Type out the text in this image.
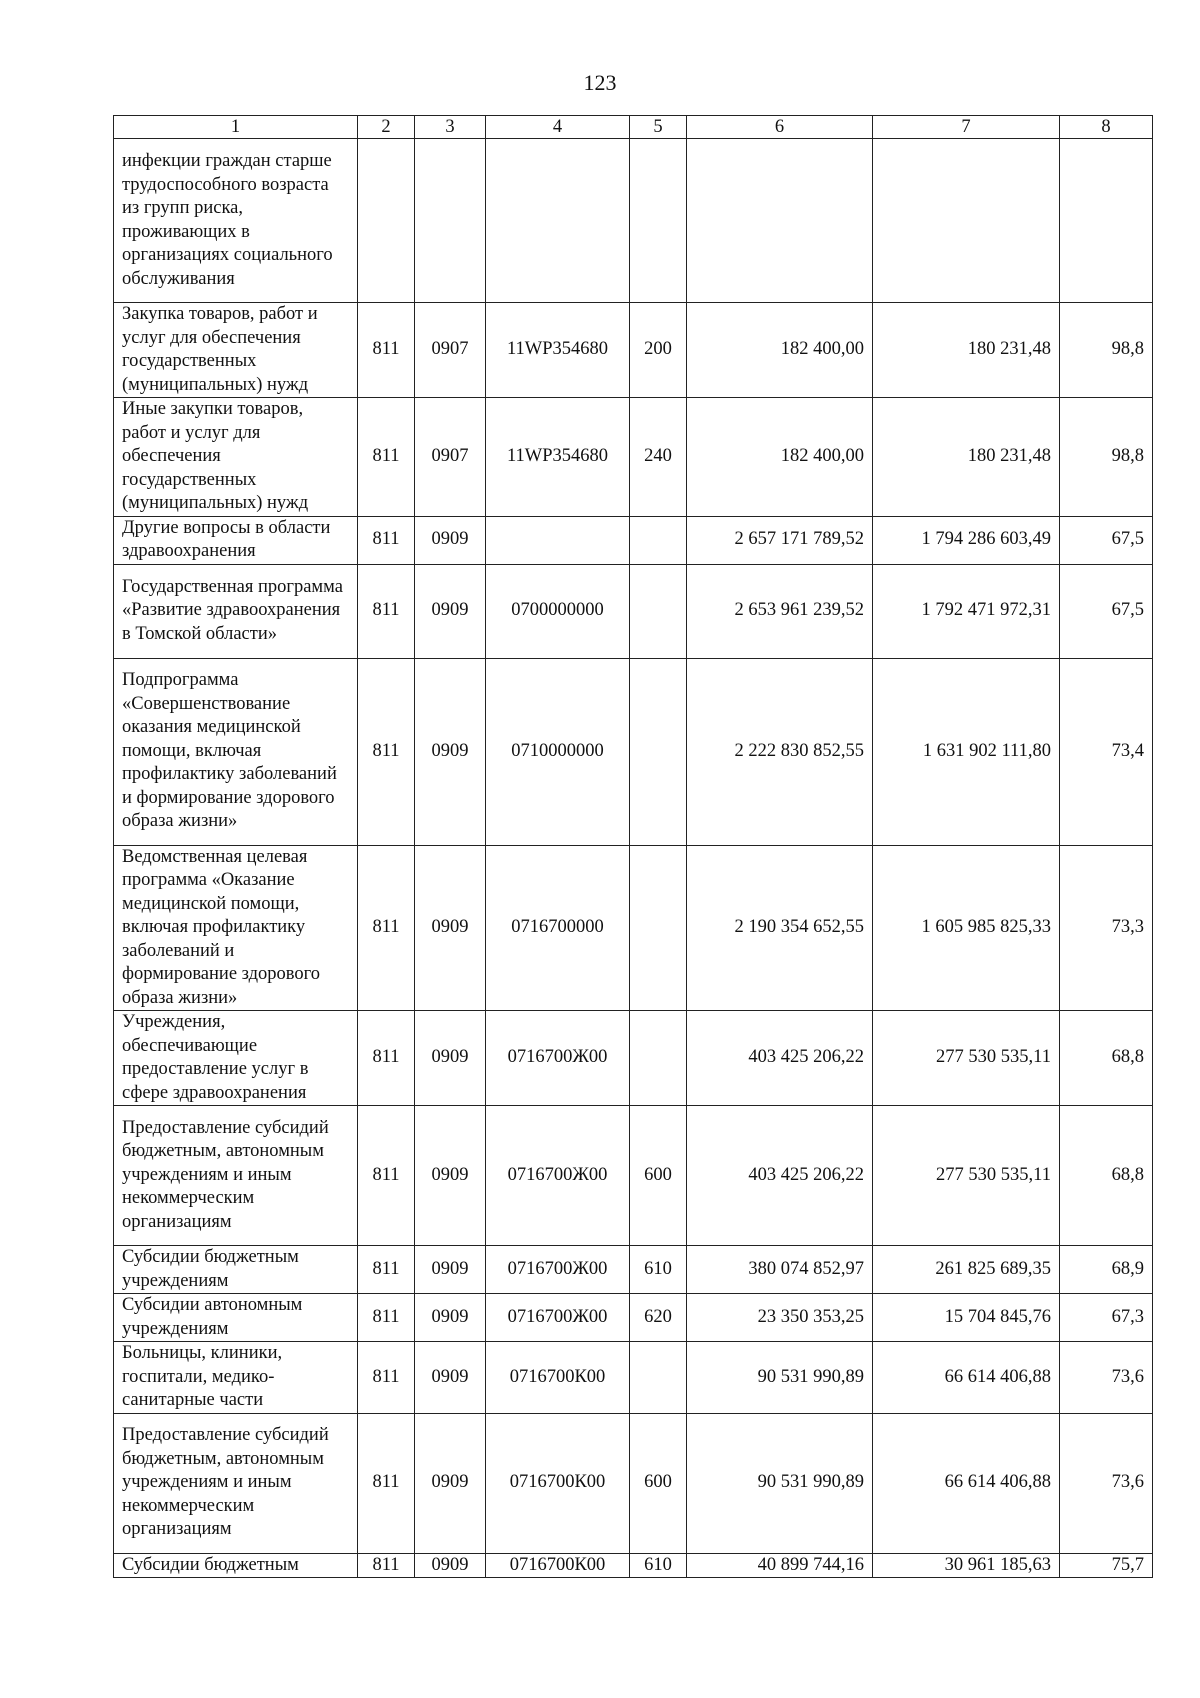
123
1	2	3	4	5	6	7	8
инфекции граждан старше трудоспособного возраста из групп риска, проживающих в организациях социального обслуживания							
Закупка товаров, работ и услуг для обеспечения государственных (муниципальных) нужд	811	0907	11WP354680	200	182 400,00	180 231,48	98,8
Иные закупки товаров, работ и услуг для обеспечения государственных (муниципальных) нужд	811	0907	11WP354680	240	182 400,00	180 231,48	98,8
Другие вопросы в области здравоохранения	811	0909			2 657 171 789,52	1 794 286 603,49	67,5
Государственная программа «Развитие здравоохранения в Томской области»	811	0909	0700000000		2 653 961 239,52	1 792 471 972,31	67,5
Подпрограмма «Совершенствование оказания медицинской помощи, включая профилактику заболеваний и формирование здорового образа жизни»	811	0909	0710000000		2 222 830 852,55	1 631 902 111,80	73,4
Ведомственная целевая программа «Оказание медицинской помощи, включая профилактику заболеваний и формирование здорового образа жизни»	811	0909	0716700000		2 190 354 652,55	1 605 985 825,33	73,3
Учреждения, обеспечивающие предоставление услуг в сфере здравоохранения	811	0909	0716700Ж00		403 425 206,22	277 530 535,11	68,8
Предоставление субсидий бюджетным, автономным учреждениям и иным некоммерческим организациям	811	0909	0716700Ж00	600	403 425 206,22	277 530 535,11	68,8
Субсидии бюджетным учреждениям	811	0909	0716700Ж00	610	380 074 852,97	261 825 689,35	68,9
Субсидии автономным учреждениям	811	0909	0716700Ж00	620	23 350 353,25	15 704 845,76	67,3
Больницы, клиники, госпитали, медико-санитарные части	811	0909	0716700К00		90 531 990,89	66 614 406,88	73,6
Предоставление субсидий бюджетным, автономным учреждениям и иным некоммерческим организациям	811	0909	0716700К00	600	90 531 990,89	66 614 406,88	73,6
Субсидии бюджетным	811	0909	0716700К00	610	40 899 744,16	30 961 185,63	75,7
